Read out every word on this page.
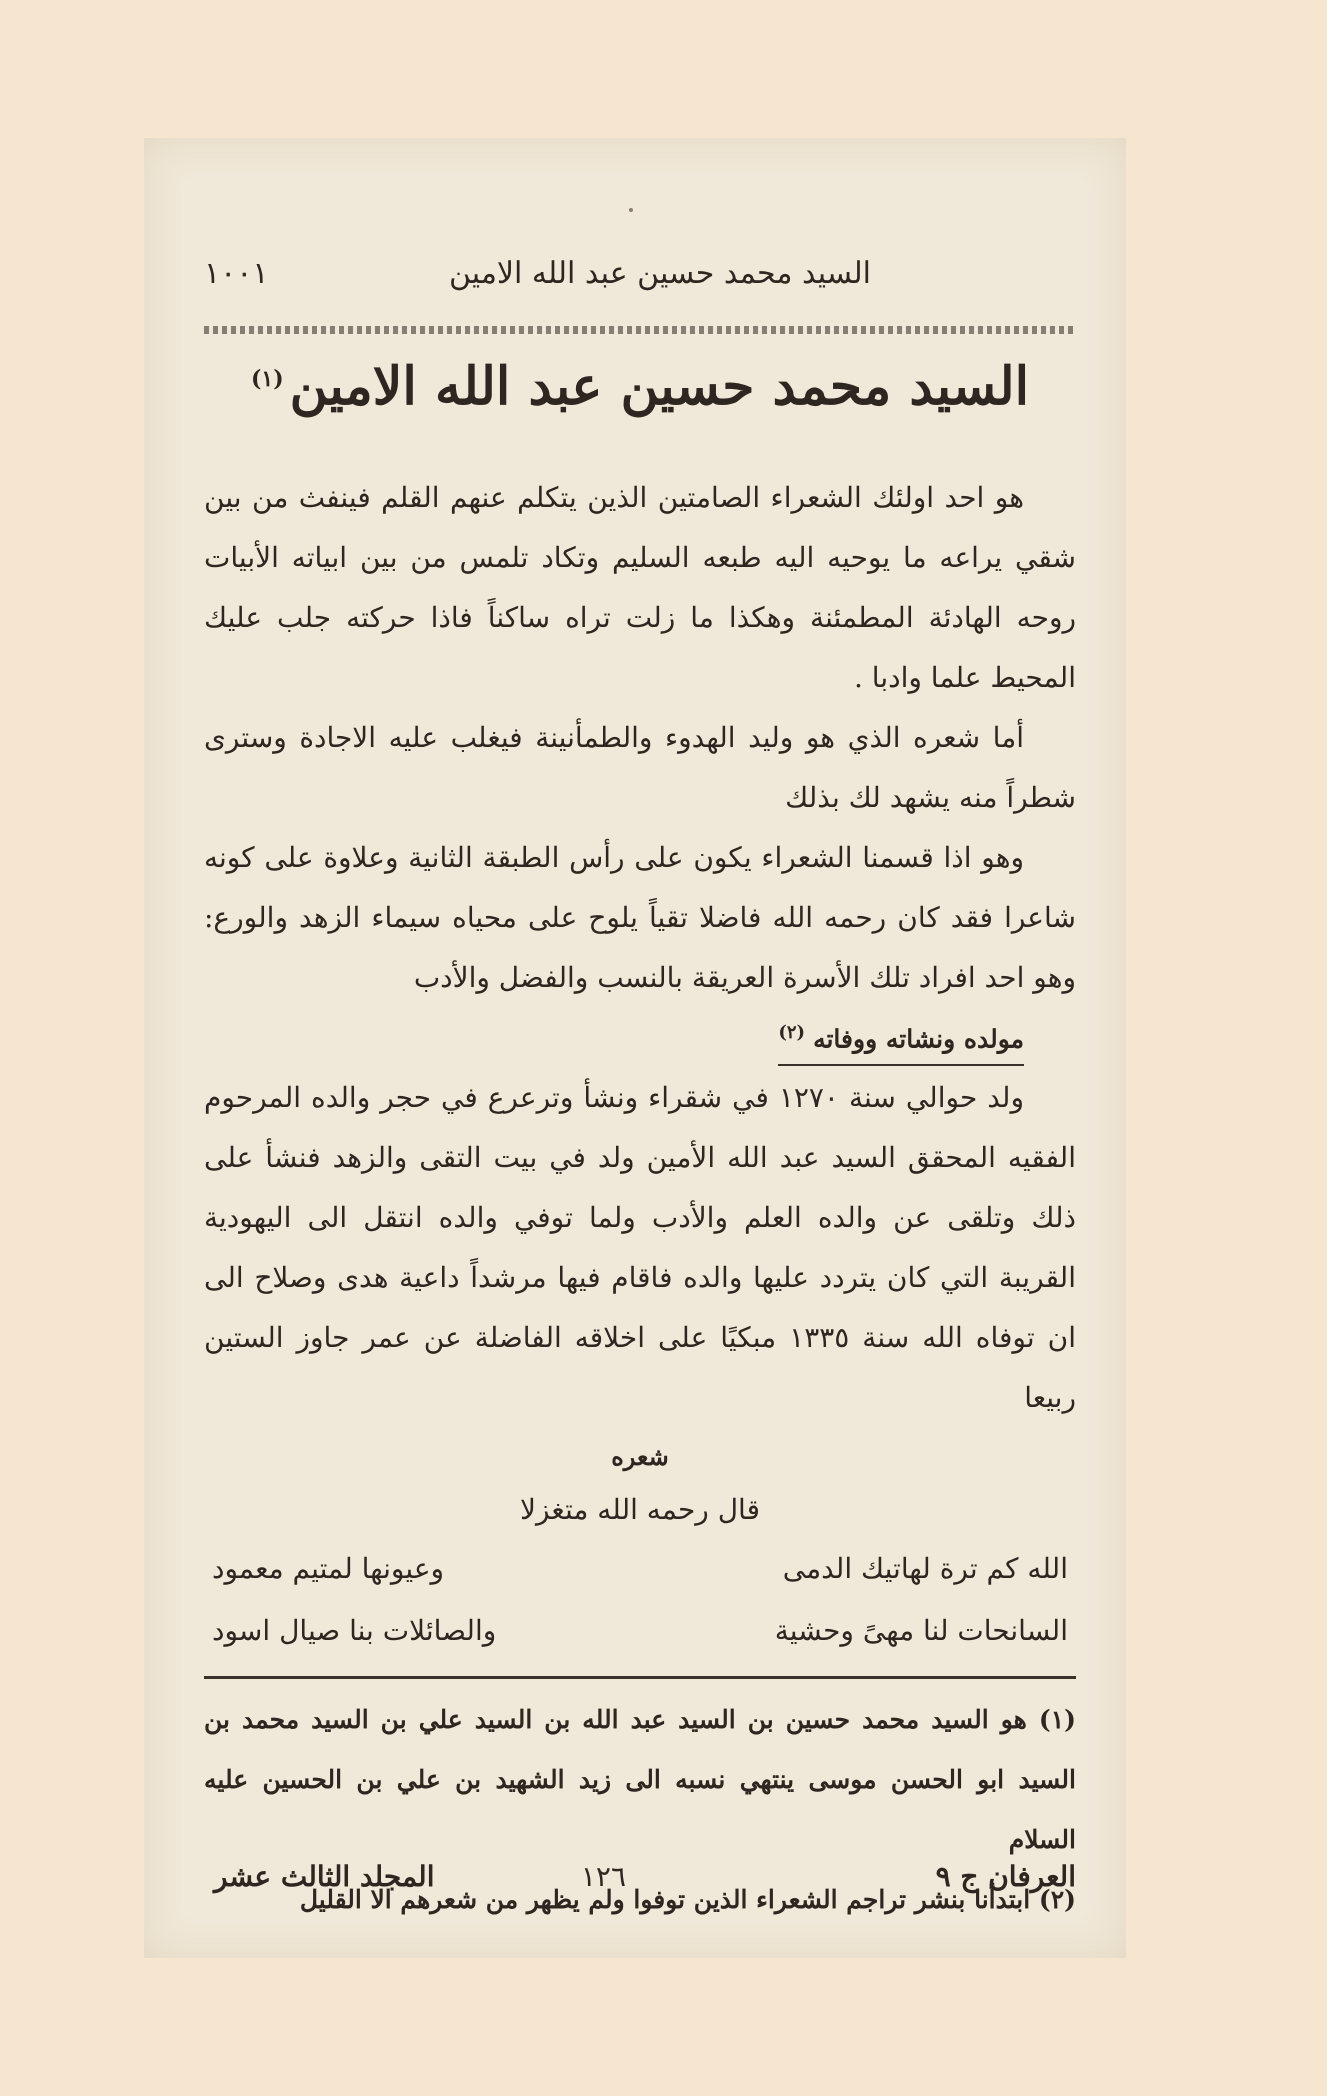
السيد محمد حسين عبد الله الامين
١٠٠١
السيد محمد حسين عبد الله الامين$^{(١)}$

هو احد اولئك الشعراء الصامتين الذين يتكلم عنهم القلم فينفث من بين شقي يراعه ما يوحيه اليه طبعه السليم وتكاد تلمس من بين ابياته الأبيات روحه الهادئة المطمئنة وهكذا ما زلت تراه ساكناً فاذا حركته جلب عليك المحيط علما وادبا .

أما شعره الذي هو وليد الهدوء والطمأنينة فيغلب عليه الاجادة وسترى شطراً منه يشهد لك بذلك

وهو اذا قسمنا الشعراء يكون على رأس الطبقة الثانية وعلاوة على كونه شاعرا فقد كان رحمه الله فاضلا تقياً يلوح على محياه سيماء الزهد والورع: وهو احد افراد تلك الأسرة العريقة بالنسب والفضل والأدب

مولده ونشاته ووفاته$^{(٢)}$

ولد حوالي سنة ١٢٧٠ في شقراء ونشأ وترعرع في حجر والده المرحوم الفقيه المحقق السيد عبد الله الأمين ولد في بيت التقى والزهد فنشأ على ذلك وتلقى عن والده العلم والأدب ولما توفي والده انتقل الى اليهودية القريبة التي كان يتردد عليها والده فاقام فيها مرشداً داعية هدى وصلاح الى ان توفاه الله سنة ١٣٣٥ مبكيًا على اخلاقه الفاضلة عن عمر جاوز الستين ربيعا

شعره
قال رحمه الله متغزلا
الله كم ترة لهاتيك الدمى
وعيونها لمتيم معمود
السانحات لنا مهىً وحشية
والصائلات بنا صيال اسود

(١) هو السيد محمد حسين بن السيد عبد الله بن السيد علي بن السيد محمد بن السيد ابو الحسن موسى ينتهي نسبه الى زيد الشهيد بن علي بن الحسين عليه السلام

(٢) ابتدأنا بنشر تراجم الشعراء الذين توفوا ولم يظهر من شعرهم الا القليل

العرفان ج ٩
١٢٦
المجلد الثالث عشر
